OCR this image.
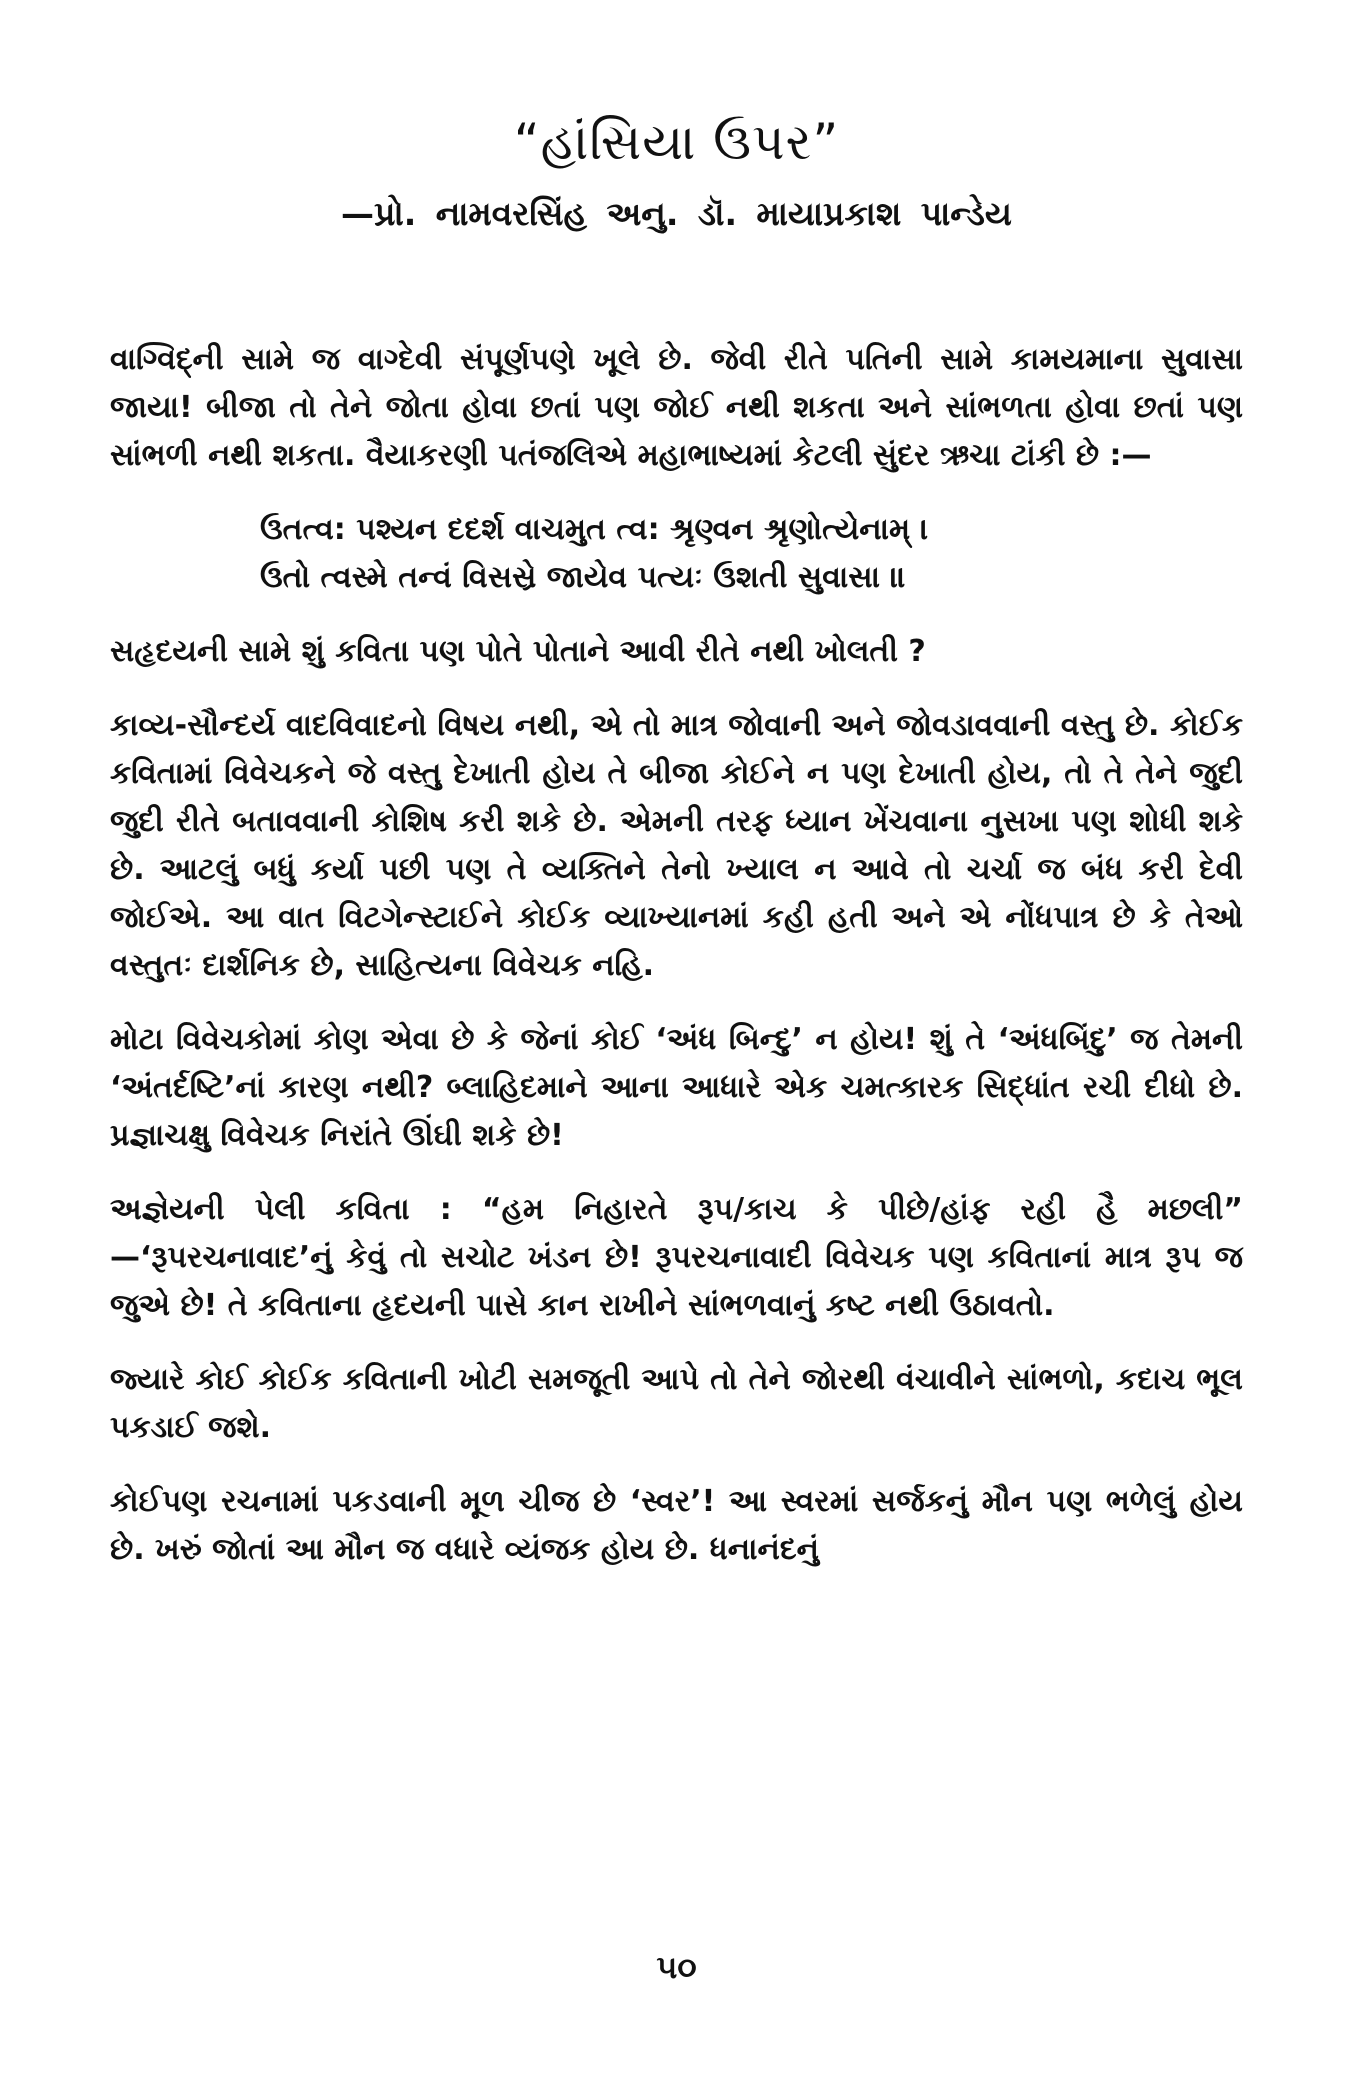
“હાંસિયા ઉપર”
—પ્રો. નામવરસિંહ અનુ. ડૉ. માયાપ્રકાશ પાન્ડેય

વાગ્વિદ્‌ની સામે જ વાગ્દેવી સંપૂર્ણપણે ખૂલે છે. જેવી રીતે પતિની સામે કામયમાના સુવાસા જાયા! બીજા તો તેને જોતા હોવા છતાં પણ જોઈ નથી શકતા અને સાંભળતા હોવા છતાં પણ સાંભળી નથી શકતા. વૈયાકરણી પતંજલિએ મહાભાષ્યમાં કેટલી સુંદર ઋચા ટાંકી છે :—

ઉતત્વ: પશ્યન દદર્શ વાચમુત ત્વ: શ્રૃણ્વન શ્રૃણોત્યેનામ્ ।
ઉતો ત્વસ્મે તન્વં વિસસ્રે જાયેવ પત્યઃ ઉશતી સુવાસા ॥

સહૃદયની સામે શું કવિતા પણ પોતે પોતાને આવી રીતે નથી ખોલતી ?

કાવ્ય-સૌન્દર્ય વાદવિવાદનો વિષય નથી, એ તો માત્ર જોવાની અને જોવડાવવાની વસ્તુ છે. કોઈક કવિતામાં વિવેચકને જે વસ્તુ દેખાતી હોય તે બીજા કોઈને ન પણ દેખાતી હોય, તો તે તેને જુદી જુદી રીતે બતાવવાની કોશિષ કરી શકે છે. એમની તરફ ધ્યાન ખેંચવાના નુસખા પણ શોધી શકે છે. આટલું બધું કર્યા પછી પણ તે વ્યક્તિને તેનો ખ્યાલ ન આવે તો ચર્ચા જ બંધ કરી દેવી જોઈએ. આ વાત વિટગેન્સ્ટાઈને કોઈક વ્યાખ્યાનમાં કહી હતી અને એ નોંધપાત્ર છે કે તેઓ વસ્તુતઃ દાર્શનિક છે, સાહિત્યના વિવેચક નહિ.

મોટા વિવેચકોમાં કોણ એવા છે કે જેનાં કોઈ ‘અંધ બિન્દુ’ ન હોય! શું તે ‘અંધબિંદુ’ જ તેમની ‘અંતર્દષ્ટિ’નાં કારણ નથી? બ્લાહિદમાને આના આધારે એક ચમત્કારક સિદ્ધાંત રચી દીધો છે. પ્રજ્ઞાચક્ષુ વિવેચક નિરાંતે ઊંઘી શકે છે!

અજ્ઞેયની પેલી કવિતા : “હમ નિહારતે રૂપ/કાચ કે પીછે/હાંફ રહી હૈ મછલી” —‘રૂપરચનાવાદ’નું કેવું તો સચોટ ખંડન છે! રૂપરચનાવાદી વિવેચક પણ કવિતાનાં માત્ર રૂપ જ જુએ છે! તે કવિતાના હૃદયની પાસે કાન રાખીને સાંભળવાનું કષ્ટ નથી ઉઠાવતો.

જ્યારે કોઈ કોઈક કવિતાની ખોટી સમજૂતી આપે તો તેને જોરથી વંચાવીને સાંભળો, કદાચ ભૂલ પકડાઈ જશે.

કોઈપણ રચનામાં પકડવાની મૂળ ચીજ છે ‘સ્વર’! આ સ્વરમાં સર્જકનું મૌન પણ ભળેલું હોય છે. ખરું જોતાં આ મૌન જ વધારે વ્યંજક હોય છે. ધનાનંદનું

૫૦
